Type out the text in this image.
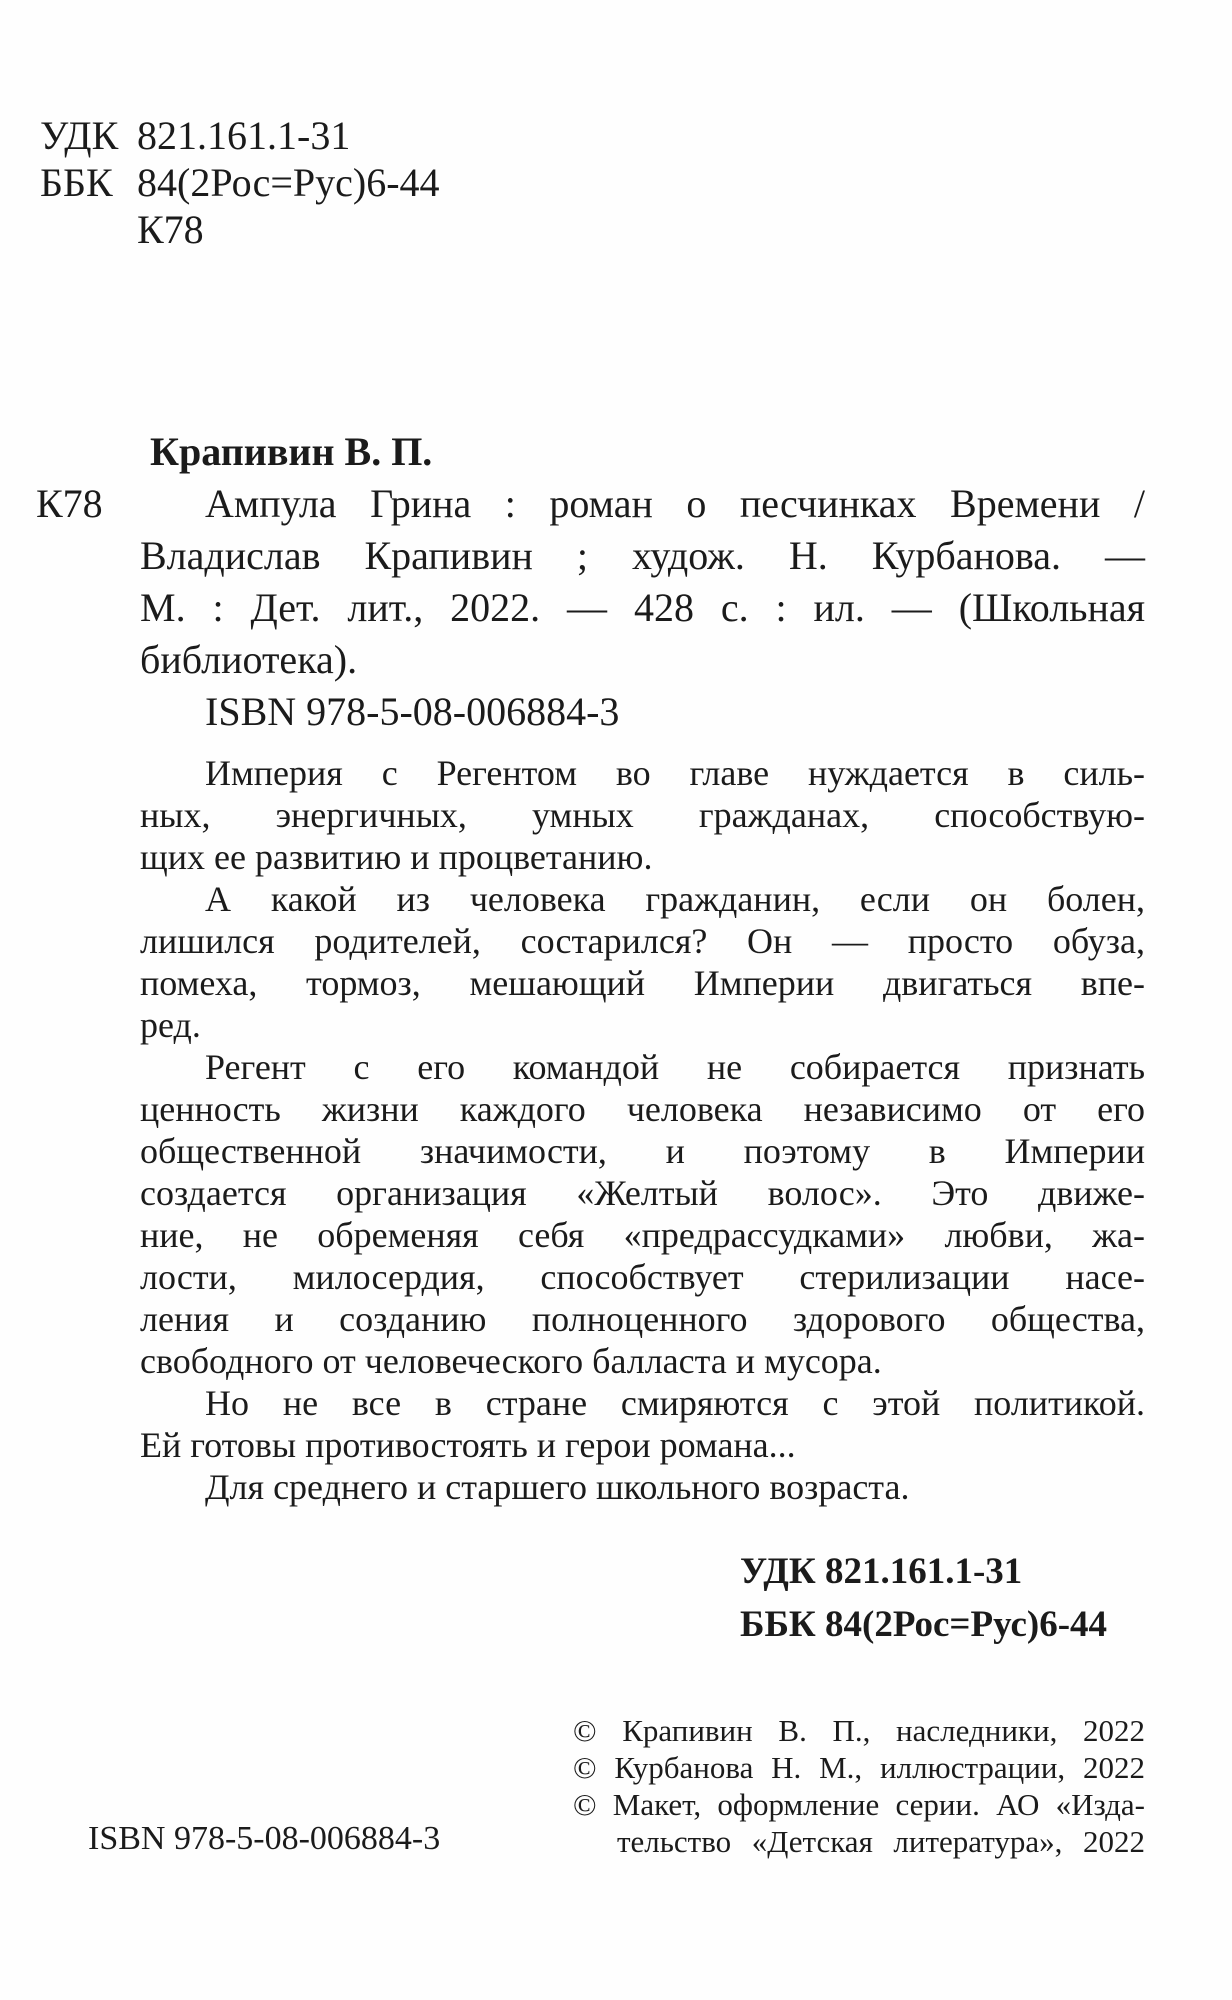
УДК 821.161.1-31
ББК 84(2Рос=Рус)6-44
К78
Крапивин В. П.
К78	Ампула Грина : роман о песчинках Времени /
Владислав Крапивин ; худож. Н. Курбанова. —
М. : Дет. лит., 2022. — 428 с. : ил. — (Школьная
библиотека).
ISBN 978-5-08-006884-3
Империя с Регентом во главе нуждается в силь-
ных, энергичных, умных гражданах, способствую-
щих ее развитию и процветанию.
А какой из человека гражданин, если он болен,
лишился родителей, состарился? Он — просто обуза,
помеха, тормоз, мешающий Империи двигаться впе-
ред.
Регент с его командой не собирается признать
ценность жизни каждого человека независимо от его
общественной значимости, и поэтому в Империи
создается организация «Желтый волос». Это движе-
ние, не обременяя себя «предрассудками» любви, жа-
лости, милосердия, способствует стерилизации насе-
ления и созданию полноценного здорового общества,
свободного от человеческого балласта и мусора.
Но не все в стране смиряются с этой политикой.
Ей готовы противостоять и герои романа...
Для среднего и старшего школьного возраста.
УДК 821.161.1-31
ББК 84(2Рос=Рус)6-44
© Крапивин В. П., наследники, 2022
© Курбанова Н. М., иллюстрации, 2022
© Макет, оформление серии. АО «Изда-
тельство «Детская литература», 2022
ISBN 978-5-08-006884-3
